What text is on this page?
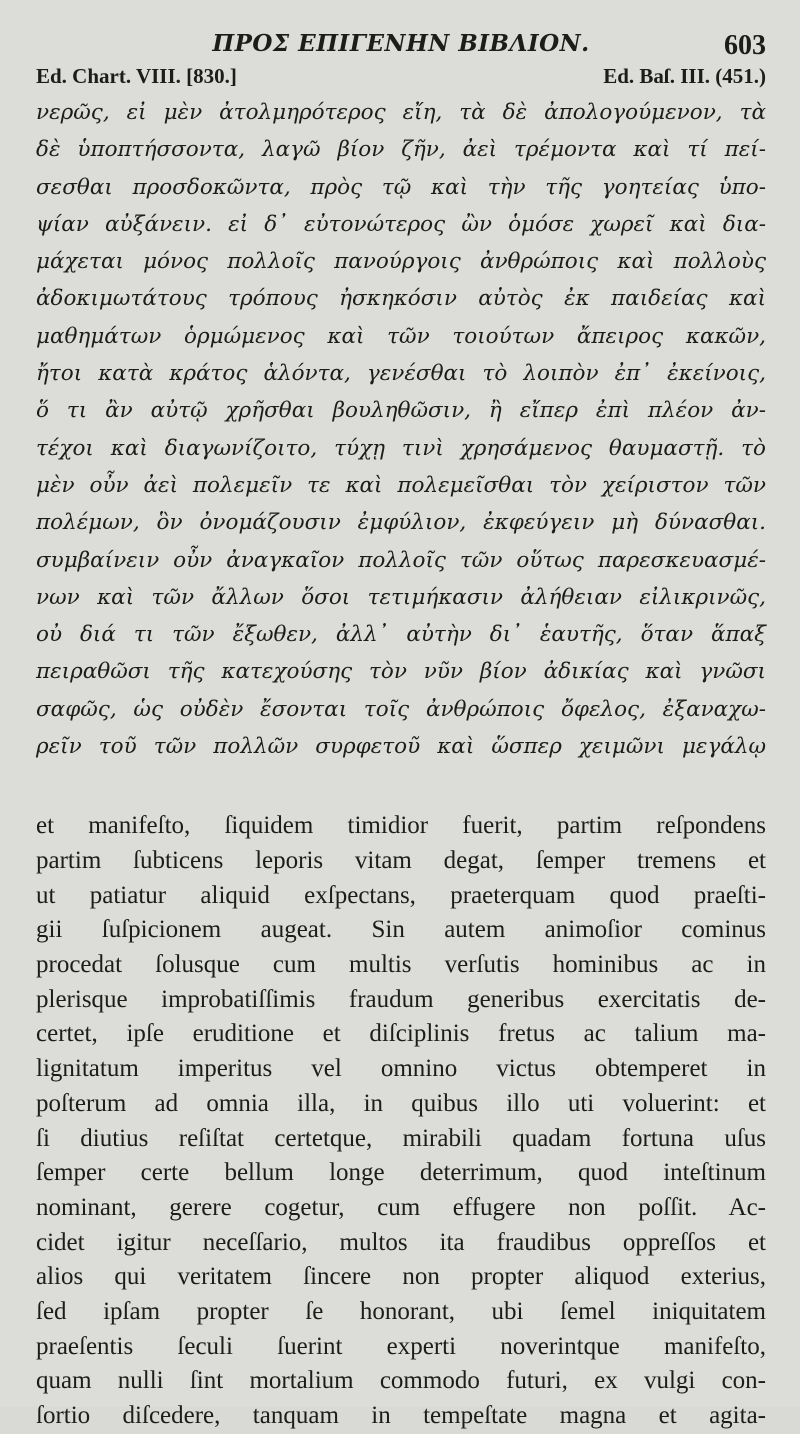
ΠΡΟΣ ΕΠΙΓΕΝΗΝ ΒΙΒΛΙΟΝ.	603
Ed. Chart. VIII. [830.]	Ed. Baſ. III. (451.)
νερῶς, εἰ μὲν ἀτολμηρότερος εἴη, τὰ δὲ ἀπολογούμενον, τὰ
δὲ ὑποπτήσσοντα, λαγῶ βίον ζῆν, ἀεὶ τρέμοντα καὶ τί πεί-
σεσθαι προσδοκῶντα, πρὸς τῷ καὶ τὴν τῆς γοητείας ὑπο-
ψίαν αὐξάνειν. εἰ δ᾽ εὐτονώτερος ὢν ὁμόσε χωρεῖ καὶ δια-
μάχεται μόνος πολλοῖς πανούργοις ἀνθρώποις καὶ πολλοὺς
ἀδοκιμωτάτους τρόπους ἠσκηκόσιν αὐτὸς ἐκ παιδείας καὶ
μαθημάτων ὁρμώμενος καὶ τῶν τοιούτων ἄπειρος κακῶν,
ἤτοι κατὰ κράτος ἁλόντα, γενέσθαι τὸ λοιπὸν ἐπ᾽ ἐκείνοις,
ὅ τι ἂν αὐτῷ χρῆσθαι βουληθῶσιν, ἢ εἴπερ ἐπὶ πλέον ἀν-
τέχοι καὶ διαγωνίζοιτο, τύχῃ τινὶ χρησάμενος θαυμαστῇ. τὸ
μὲν οὖν ἀεὶ πολεμεῖν τε καὶ πολεμεῖσθαι τὸν χείριστον τῶν
πολέμων, ὃν ὀνομάζουσιν ἐμφύλιον, ἐκφεύγειν μὴ δύνασθαι.
συμβαίνειν οὖν ἀναγκαῖον πολλοῖς τῶν οὕτως παρεσκευασμέ-
νων καὶ τῶν ἄλλων ὅσοι τετιμήκασιν ἀλήθειαν εἰλικρινῶς,
οὐ διά τι τῶν ἔξωθεν, ἀλλ᾽ αὐτὴν δι᾽ ἑαυτῆς, ὅταν ἅπαξ
πειραθῶσι τῆς κατεχούσης τὸν νῦν βίον ἀδικίας καὶ γνῶσι
σαφῶς, ὡς οὐδὲν ἔσονται τοῖς ἀνθρώποις ὄφελος, ἐξαναχω-
ρεῖν τοῦ τῶν πολλῶν συρφετοῦ καὶ ὥσπερ χειμῶνι μεγάλῳ
et manifeſto, ſiquidem timidior fuerit, partim reſpondens
partim ſubticens leporis vitam degat, ſemper tremens et
ut patiatur aliquid exſpectans, praeterquam quod praeſti-
gii ſuſpicionem augeat. Sin autem animoſior cominus
procedat ſolusque cum multis verſutis hominibus ac in
plerisque improbatiſſimis fraudum generibus exercitatis de-
certet, ipſe eruditione et diſciplinis fretus ac talium ma-
lignitatum imperitus vel omnino victus obtemperet in
poſterum ad omnia illa, in quibus illo uti voluerint: et
ſi diutius reſiſtat certetque, mirabili quadam fortuna uſus
ſemper certe bellum longe deterrimum, quod inteſtinum
nominant, gerere cogetur, cum effugere non poſſit. Ac-
cidet igitur neceſſario, multos ita fraudibus oppreſſos et
alios qui veritatem ſincere non propter aliquod exterius,
ſed ipſam propter ſe honorant, ubi ſemel iniquitatem
praeſentis ſeculi ſuerint experti noverintque manifeſto,
quam nulli ſint mortalium commodo futuri, ex vulgi con-
ſortio diſcedere, tanquam in tempeſtate magna et agita-
